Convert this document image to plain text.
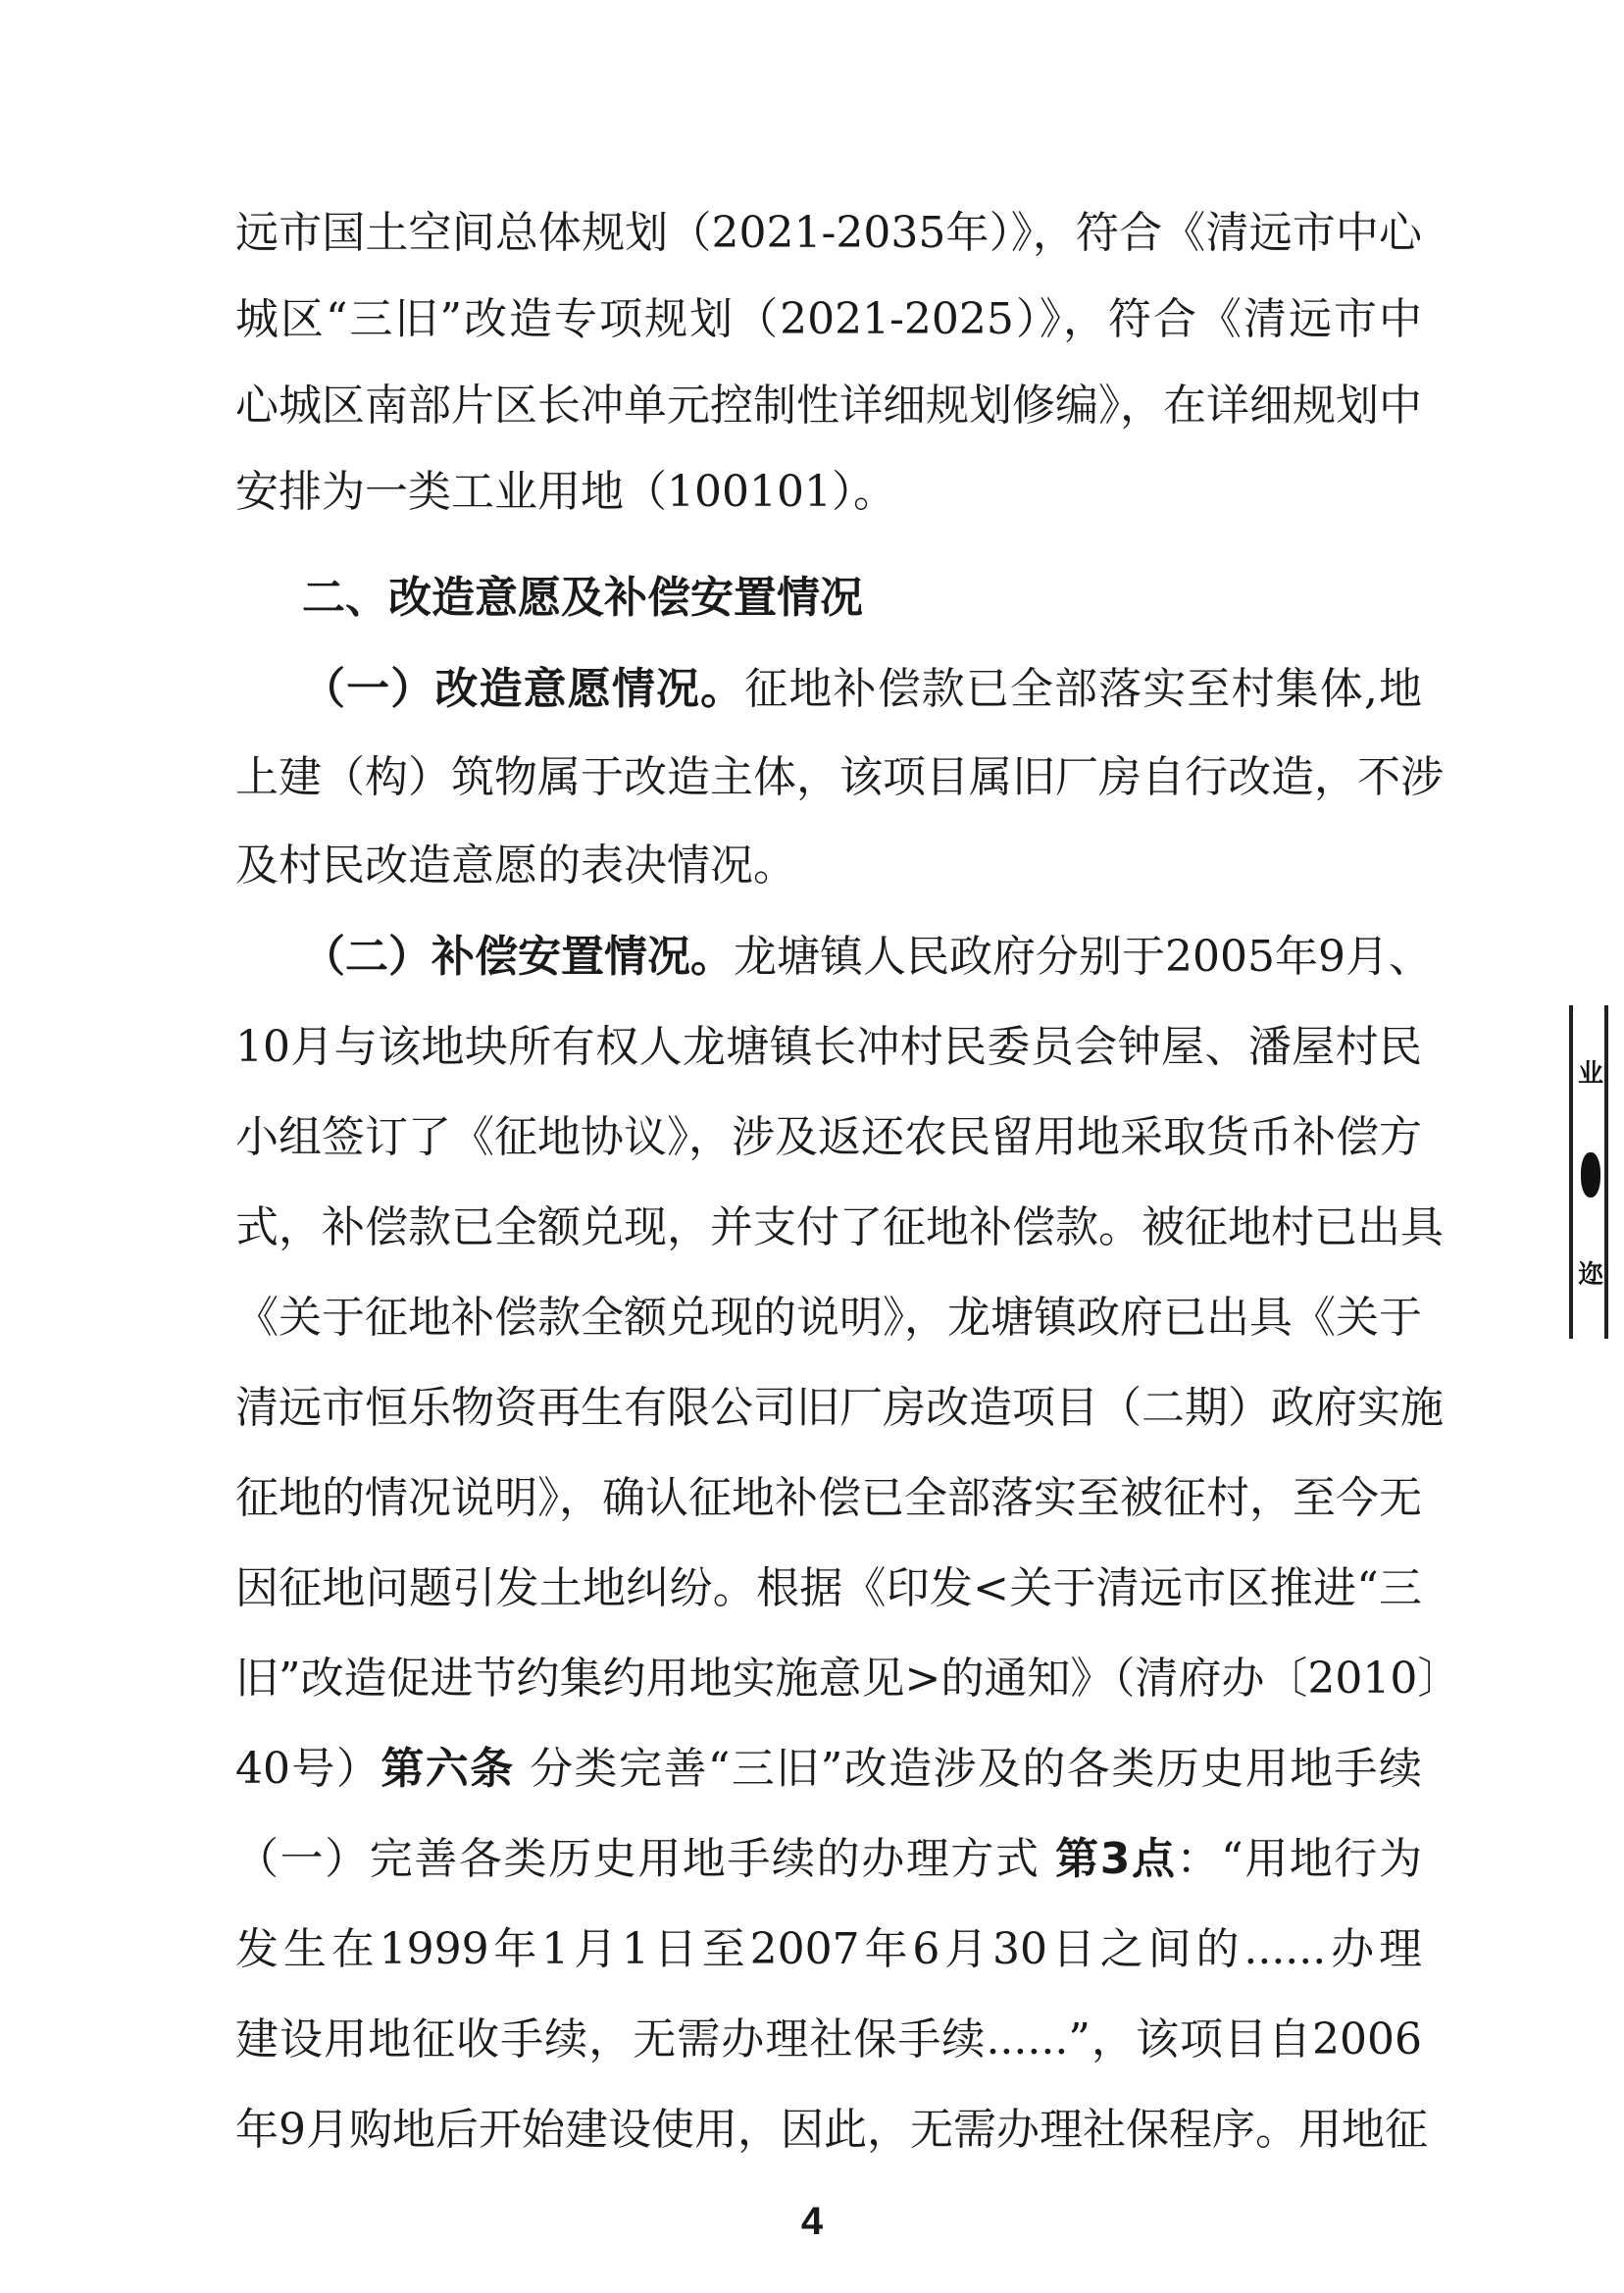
远市国土空间总体规划（2021-2035年）》，符合《清远市中心
城区“三旧”改造专项规划（2021-2025）》，符合《清远市中
心城区南部片区长冲单元控制性详细规划修编》，在详细规划中
安排为一类工业用地（100101）。
二、改造意愿及补偿安置情况
（一）改造意愿情况。征地补偿款已全部落实至村集体,地
上建（构）筑物属于改造主体，该项目属旧厂房自行改造，不涉
及村民改造意愿的表决情况。
（二）补偿安置情况。龙塘镇人民政府分别于2005年9月、
10月与该地块所有权人龙塘镇长冲村民委员会钟屋、潘屋村民
小组签订了《征地协议》，涉及返还农民留用地采取货币补偿方
式，补偿款已全额兑现，并支付了征地补偿款。被征地村已出具
《关于征地补偿款全额兑现的说明》，龙塘镇政府已出具《关于
清远市恒乐物资再生有限公司旧厂房改造项目（二期）政府实施
征地的情况说明》，确认征地补偿已全部落实至被征村，至今无
因征地问题引发土地纠纷。根据《印发<关于清远市区推进“三
旧”改造促进节约集约用地实施意见>的通知》（清府办〔2010〕
40号）第六条 分类完善“三旧”改造涉及的各类历史用地手续
（一）完善各类历史用地手续的办理方式 第3点：“用地行为
发生在1999年1月1日至2007年6月30日之间的......办理
建设用地征收手续，无需办理社保手续......”，该项目自2006
年9月购地后开始建设使用，因此，无需办理社保程序。用地征
4
业
迩
